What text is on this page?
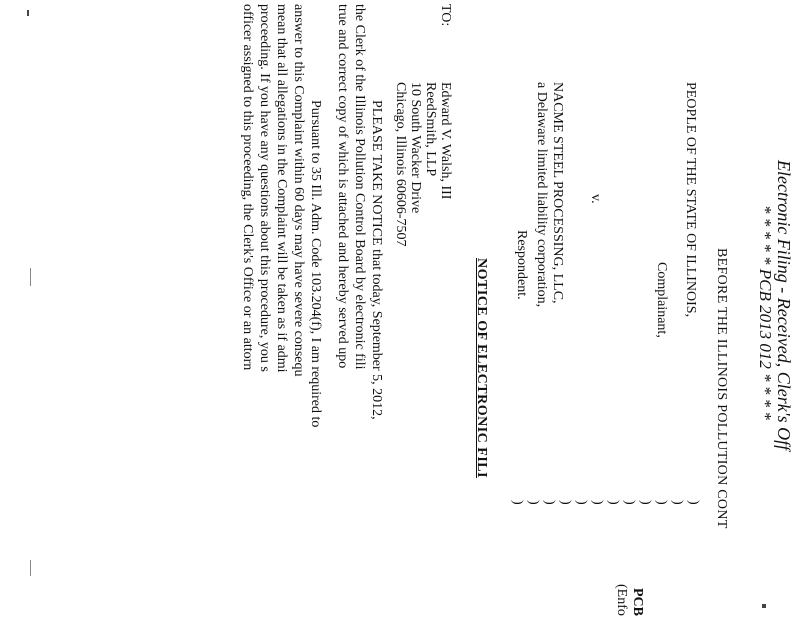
Electronic Filing - Received, Clerk's Off
* * * * * PCB 2013 012 * * * *
BEFORE THE ILLINOIS POLLUTION CONT
PEOPLE OF THE STATE OF ILLINOIS,
Complainant,
v.
NACME STEEL PROCESSING, LLC,
a Delaware limited liability corporation,
Respondent.
)
)
)
)
)
)
)
)
)
)
)
)
PCB
(Enfo
NOTICE OF ELECTRONIC FILI
TO:
Edward V. Walsh, III
ReedSmith, LLP
10 South Wacker Drive
Chicago, Illinois 60606-7507
PLEASE TAKE NOTICE that today, September 5, 2012,
the Clerk of the Illinois Pollution Control Board by electronic fili
true and correct copy of which is attached and hereby served upo
Pursuant to 35 Ill. Adm. Code 103.204(f), I am required to
answer to this Complaint within 60 days may have severe consequ
mean that all allegations in the Complaint will be taken as if admi
proceeding. If you have any questions about this procedure, you s
officer assigned to this proceeding, the Clerk's Office or an attorn
